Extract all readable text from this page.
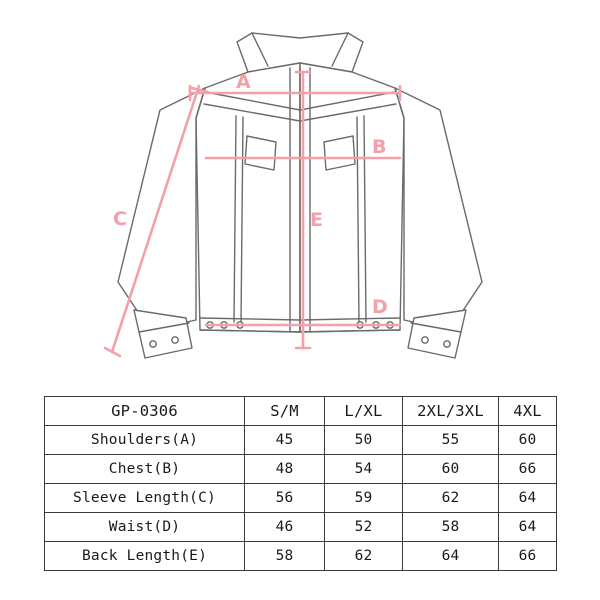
A
B
C
D
E
GP-0306	S/M	L/XL	2XL/3XL	4XL
Shoulders(A)	45	50	55	60
Chest(B)	48	54	60	66
Sleeve Length(C)	56	59	62	64
Waist(D)	46	52	58	64
Back Length(E)	58	62	64	66
